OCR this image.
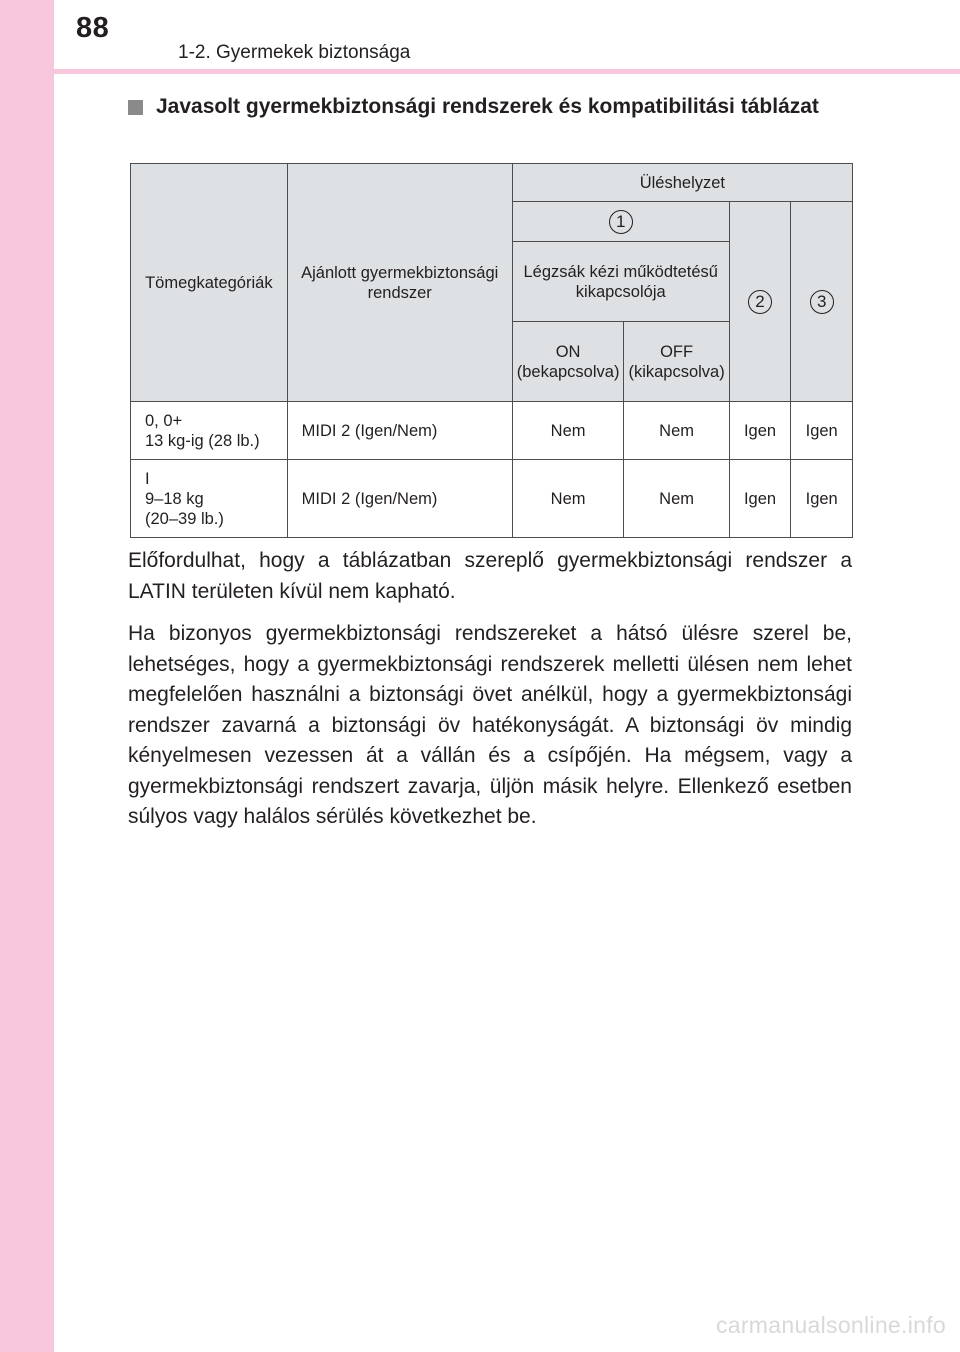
88
1-2. Gyermekek biztonsága
Javasolt gyermekbiztonsági rendszerek és kompatibilitási táblázat
Tömegkategóriák	Ajánlott gyermekbiztonsági rendszer	Üléshelyzet			
		1		2	3
		Légzsák kézi működtetésű kikapcsolója			
		ON (bekapcsolva)	OFF (kikapcsolva)		

0, 0+
13 kg-ig (28 lb.)	MIDI 2 (Igen/Nem)	Nem	Nem	Igen	Igen

I
9–18 kg
(20–39 lb.)	MIDI 2 (Igen/Nem)	Nem	Nem	Igen	Igen

Előfordulhat, hogy a táblázatban szereplő gyermekbiztonsági rendszer a LATIN területen kívül nem kapható.

Ha bizonyos gyermekbiztonsági rendszereket a hátsó ülésre szerel be, lehetséges, hogy a gyermekbiztonsági rendszerek melletti ülésen nem lehet megfelelően használni a biztonsági övet anélkül, hogy a gyermekbiztonsági rendszer zavarná a biztonsági öv hatékonyságát. A biztonsági öv mindig kényelmesen vezessen át a vállán és a csípőjén. Ha mégsem, vagy a gyermekbiztonsági rendszert zavarja, üljön másik helyre. Ellenkező esetben súlyos vagy halálos sérülés következhet be.

carmanualsonline.info
